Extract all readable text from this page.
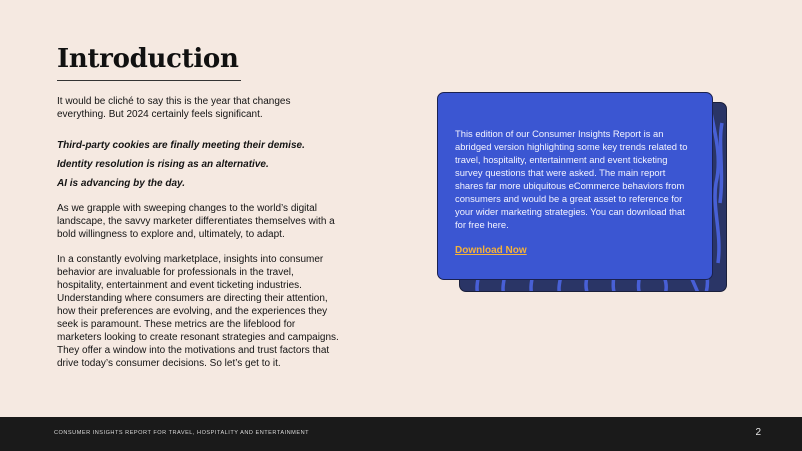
Introduction

It would be cliché to say this is the year that changes everything. But 2024 certainly feels significant.

Third-party cookies are finally meeting their demise.

Identity resolution is rising as an alternative.

AI is advancing by the day.

As we grapple with sweeping changes to the world’s digital landscape, the savvy marketer differentiates themselves with a bold willingness to explore and, ultimately, to adapt.

In a constantly evolving marketplace, insights into consumer behavior are invaluable for professionals in the travel, hospitality, entertainment and event ticketing industries. Understanding where consumers are directing their attention, how their preferences are evolving, and the experiences they seek is paramount. These metrics are the lifeblood for marketers looking to create resonant strategies and campaigns. They offer a window into the motivations and trust factors that drive today’s consumer decisions. So let’s get to it.

This edition of our Consumer Insights Report is an abridged version highlighting some key trends related to travel, hospitality, entertainment and event ticketing survey questions that were asked. The main report shares far more ubiquitous eCommerce behaviors from consumers and would be a great asset to reference for your wider marketing strategies. You can download that for free here.

Download Now
CONSUMER INSIGHTS REPORT FOR TRAVEL, HOSPITALITY AND ENTERTAINMENT	2
